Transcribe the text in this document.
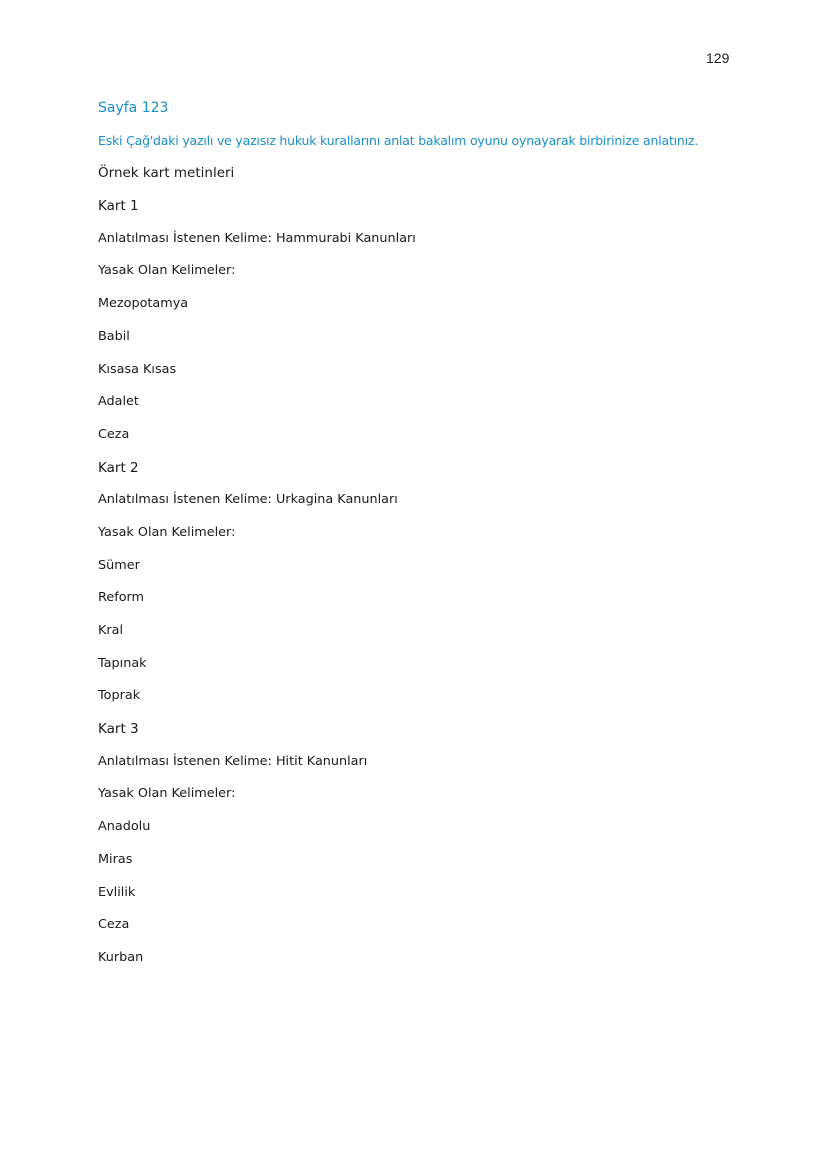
129
Sayfa 123
Eski Çağ'daki yazılı ve yazısız hukuk kurallarını anlat bakalım oyunu oynayarak birbirinize anlatınız.
Örnek kart metinleri
Kart 1
Anlatılması İstenen Kelime: Hammurabi Kanunları
Yasak Olan Kelimeler:
Mezopotamya
Babil
Kısasa Kısas
Adalet
Ceza
Kart 2
Anlatılması İstenen Kelime: Urkagina Kanunları
Yasak Olan Kelimeler:
Sümer
Reform
Kral
Tapınak
Toprak
Kart 3
Anlatılması İstenen Kelime: Hitit Kanunları
Yasak Olan Kelimeler:
Anadolu
Miras
Evlilik
Ceza
Kurban
